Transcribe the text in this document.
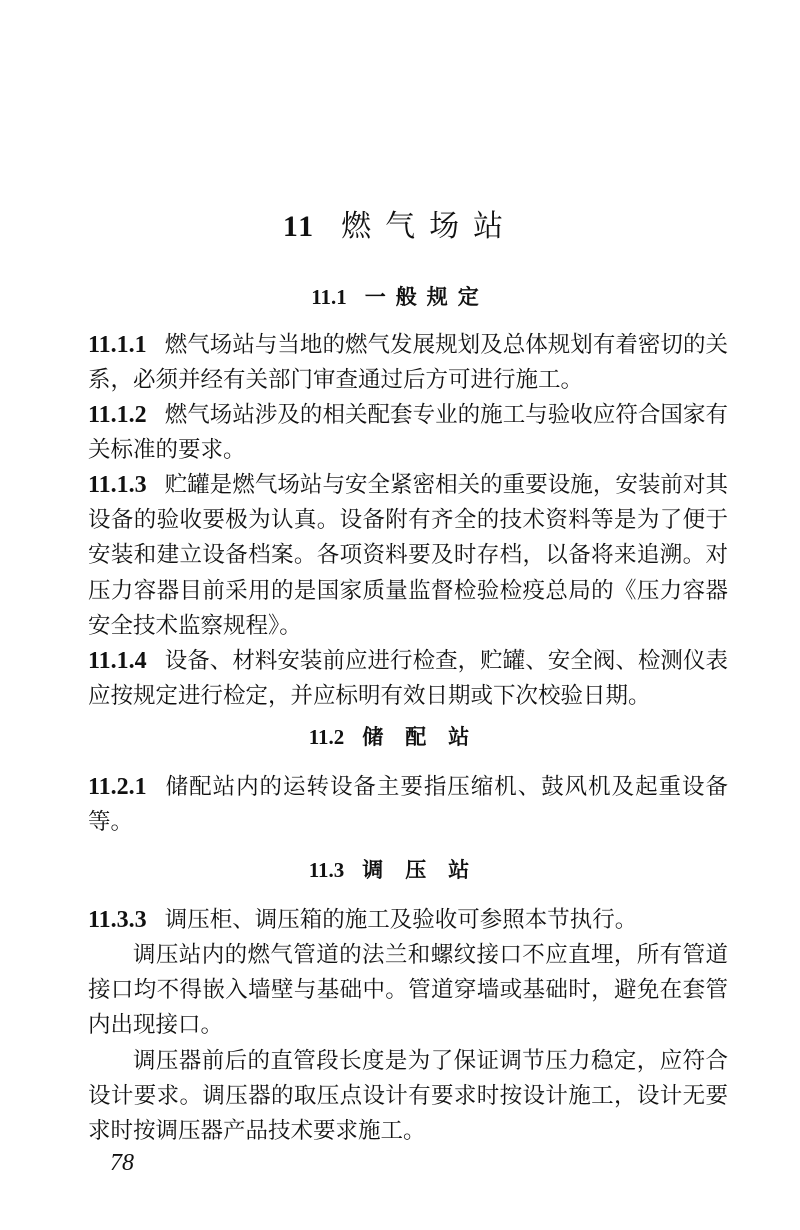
11 燃气场站
11.1 一般规定
11.1.1 燃气场站与当地的燃气发展规划及总体规划有着密切的关系，必须并经有关部门审查通过后方可进行施工。
11.1.2 燃气场站涉及的相关配套专业的施工与验收应符合国家有关标准的要求。
11.1.3 贮罐是燃气场站与安全紧密相关的重要设施，安装前对其设备的验收要极为认真。设备附有齐全的技术资料等是为了便于安装和建立设备档案。各项资料要及时存档，以备将来追溯。对压力容器目前采用的是国家质量监督检验检疫总局的《压力容器安全技术监察规程》。
11.1.4 设备、材料安装前应进行检查，贮罐、安全阀、检测仪表应按规定进行检定，并应标明有效日期或下次校验日期。
11.2 储配站
11.2.1 储配站内的运转设备主要指压缩机、鼓风机及起重设备等。
11.3 调压站
11.3.3 调压柜、调压箱的施工及验收可参照本节执行。
调压站内的燃气管道的法兰和螺纹接口不应直埋，所有管道接口均不得嵌入墙壁与基础中。管道穿墙或基础时，避免在套管内出现接口。
调压器前后的直管段长度是为了保证调节压力稳定，应符合设计要求。调压器的取压点设计有要求时按设计施工，设计无要求时按调压器产品技术要求施工。
78
